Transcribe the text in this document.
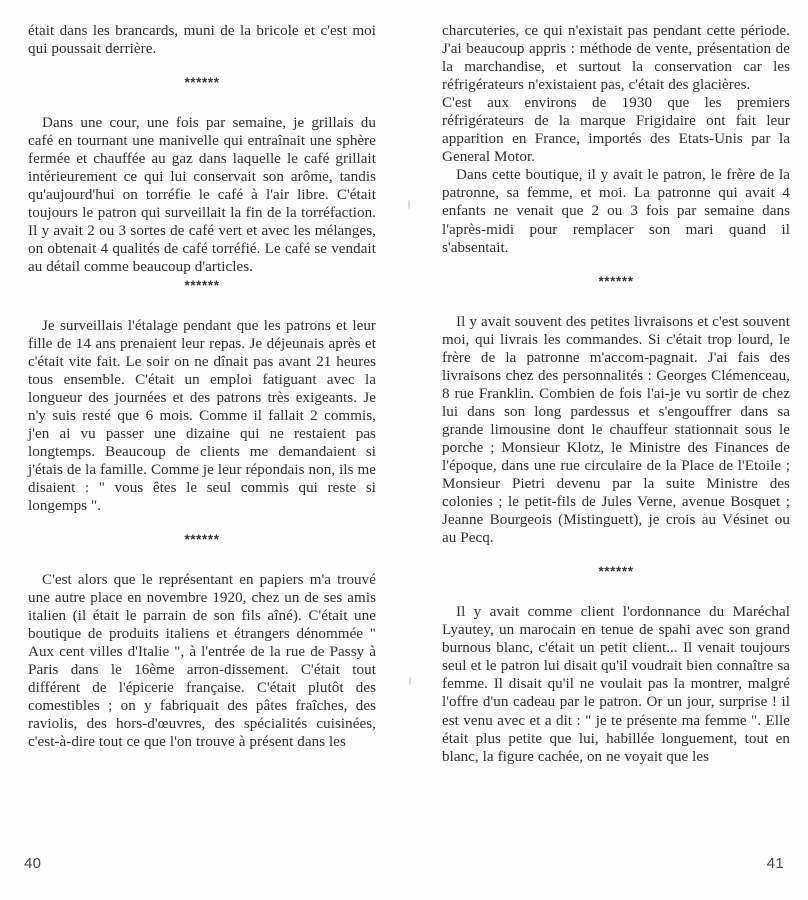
était dans les brancards, muni de la bricole et c'est moi qui poussait derrière.

******

Dans une cour, une fois par semaine, je grillais du café en tournant une manivelle qui entraînait une sphère fermée et chauffée au gaz dans laquelle le café grillait intérieurement ce qui lui conservait son arôme, tandis qu'aujourd'hui on torréfie le café à l'air libre. C'était toujours le patron qui surveillait la fin de la torréfaction. Il y avait 2 ou 3 sortes de café vert et avec les mélanges, on obtenait 4 qualités de café torréfié. Le café se vendait au détail comme beaucoup d'articles.

******

Je surveillais l'étalage pendant que les patrons et leur fille de 14 ans prenaient leur repas. Je déjeunais après et c'était vite fait. Le soir on ne dînait pas avant 21 heures tous ensemble. C'était un emploi fatiguant avec la longueur des journées et des patrons très exigeants. Je n'y suis resté que 6 mois. Comme il fallait 2 commis, j'en ai vu passer une dizaine qui ne restaient pas longtemps. Beaucoup de clients me demandaient si j'étais de la famille. Comme je leur répondais non, ils me disaient : " vous êtes le seul commis qui reste si longemps ".

******

C'est alors que le représentant en papiers m'a trouvé une autre place en novembre 1920, chez un de ses amis italien (il était le parrain de son fils aîné). C'était une boutique de produits italiens et étrangers dénommée " Aux cent villes d'Italie ", à l'entrée de la rue de Passy à Paris dans le 16ème arron-dissement. C'était tout différent de l'épicerie française. C'était plutôt des comestibles ; on y fabriquait des pâtes fraîches, des raviolis, des hors-d'œuvres, des spécialités cuisinées, c'est-à-dire tout ce que l'on trouve à présent dans les

charcuteries, ce qui n'existait pas pendant cette période. J'ai beaucoup appris : méthode de vente, présentation de la marchandise, et surtout la conservation car les réfrigérateurs n'existaient pas, c'était des glacières.

C'est aux environs de 1930 que les premiers réfrigérateurs de la marque Frigidaire ont fait leur apparition en France, importés des Etats-Unis par la General Motor.

Dans cette boutique, il y avait le patron, le frère de la patronne, sa femme, et moi. La patronne qui avait 4 enfants ne venait que 2 ou 3 fois par semaine dans l'après-midi pour remplacer son mari quand il s'absentait.

******

Il y avait souvent des petites livraisons et c'est souvent moi, qui livrais les commandes. Si c'était trop lourd, le frère de la patronne m'accom-pagnait. J'ai fais des livraisons chez des personnalités : Georges Clémenceau, 8 rue Franklin. Combien de fois l'ai-je vu sortir de chez lui dans son long pardessus et s'engouffrer dans sa grande limousine dont le chauffeur stationnait sous le porche ; Monsieur Klotz, le Ministre des Finances de l'époque, dans une rue circulaire de la Place de l'Etoile ; Monsieur Pietri devenu par la suite Ministre des colonies ; le petit-fils de Jules Verne, avenue Bosquet ; Jeanne Bourgeois (Mistinguett), je crois au Vésinet ou au Pecq.

******

Il y avait comme client l'ordonnance du Maréchal Lyautey, un marocain en tenue de spahi avec son grand burnous blanc, c'était un petit client... Il venait toujours seul et le patron lui disait qu'il voudrait bien connaître sa femme. Il disait qu'il ne voulait pas la montrer, malgré l'offre d'un cadeau par le patron. Or un jour, surprise ! il est venu avec et a dit : " je te présente ma femme ". Elle était plus petite que lui, habillée longuement, tout en blanc, la figure cachée, on ne voyait que les

40	41
